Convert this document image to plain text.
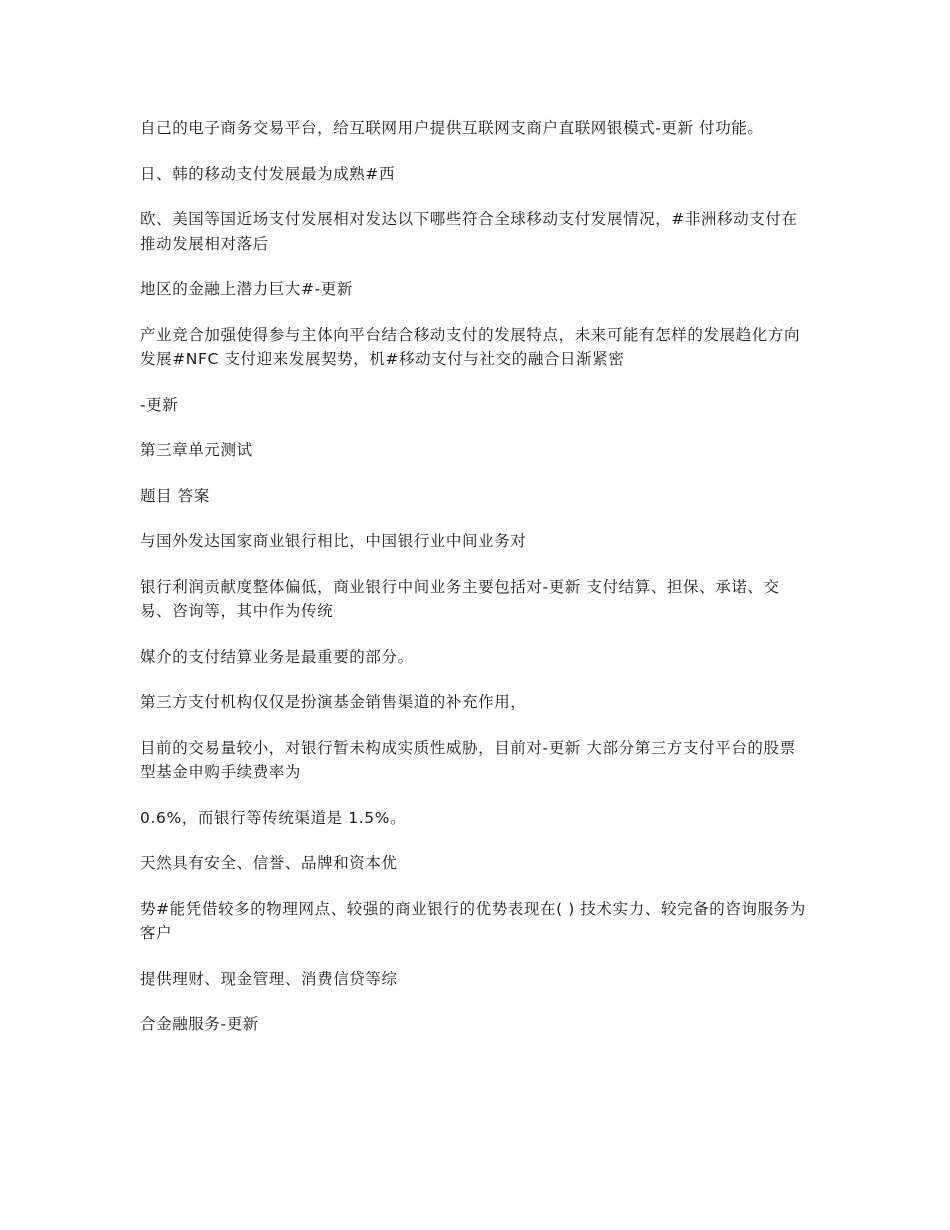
自己的电子商务交易平台，给互联网用户提供互联网支商户直联网银模式-更新 付功能。

日、韩的移动支付发展最为成熟#西

欧、美国等国近场支付发展相对发达以下哪些符合全球移动支付发展情况，#非洲移动支付在推动发展相对落后

地区的金融上潜力巨大#-更新

产业竞合加强使得参与主体向平台结合移动支付的发展特点，未来可能有怎样的发展趋化方向发展#NFC 支付迎来发展契势，机#移动支付与社交的融合日渐紧密

-更新

第三章单元测试

题目 答案

与国外发达国家商业银行相比，中国银行业中间业务对

银行利润贡献度整体偏低，商业银行中间业务主要包括对-更新 支付结算、担保、承诺、交易、咨询等，其中作为传统

媒介的支付结算业务是最重要的部分。

第三方支付机构仅仅是扮演基金销售渠道的补充作用，

目前的交易量较小，对银行暂未构成实质性威胁，目前对-更新 大部分第三方支付平台的股票型基金申购手续费率为

0.6%，而银行等传统渠道是 1.5%。

天然具有安全、信誉、品牌和资本优

势#能凭借较多的物理网点、较强的商业银行的优势表现在( ) 技术实力、较完备的咨询服务为客户

提供理财、现金管理、消费信贷等综

合金融服务-更新
